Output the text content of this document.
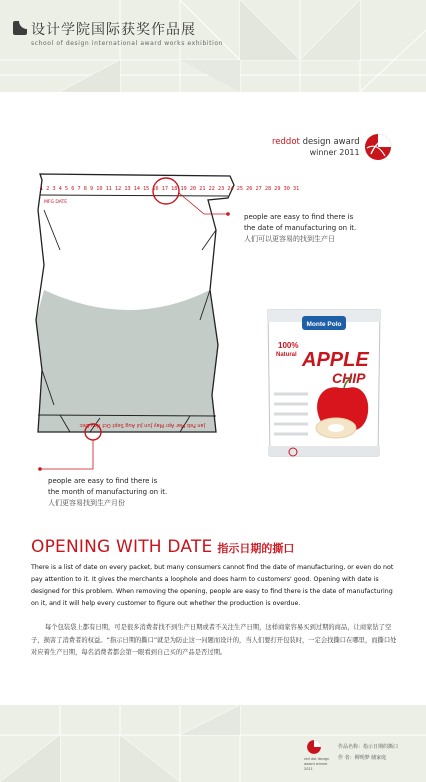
设计学院国际获奖作品展
school of design international award works exhibition
reddot design award
winner 2011
1 2 3 4 5 6 7 8 9 10 11 12 13 14 15 16 17 18 19 20 21 22 23 24 25 26 27 28 29 30 31
MFG DATE
Jan Feb Mar Apr May Jun Jul Aug Sept Oct Nov Dec
people are easy to find there is the date of manufacturing on it.
人们可以更容易的找到生产日
people are easy to find there is the month of manufacturing on it.
人们更容易找到生产月份
Monte Polo
100%
Natural APPLE
CHIP
OPENING WITH DATE 指示日期的撕口
There is a list of date on every packet, but many consumers cannot find the date of manufacturing, or even do not pay attention to it. It gives the merchants a loophole and does harm to customers' good. Opening with date is designed for this problem. When removing the opening, people are easy to find there is the date of manufacturing on it, and it will help every customer to figure out whether the production is overdue.
每个包装袋上都有日期，可是很多消费者找不到生产日期或者不关注生产日期，这样商家容易买到过期的商品，让商家钻了空子，损害了消费者的权益。“指示日期的撕口”就是为防止这一问题而设计的，当人们要打开包装时，一定会找撕口在哪里，而撕口处对应着生产日期，每名消费者都会第一眼看到自己买的产品是否过期。
red dot design award winner 2011
作品名称：指示日期的撕口
作 者：柳明梦 储家庭
